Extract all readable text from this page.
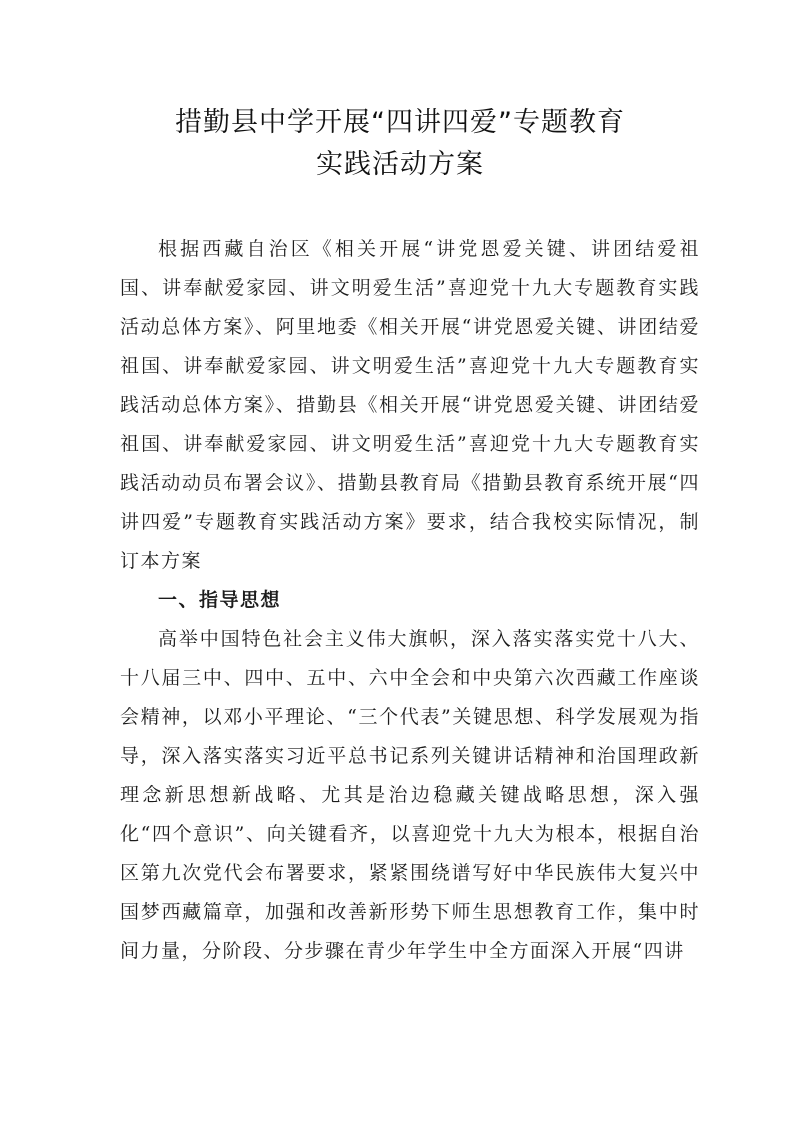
措勤县中学开展“四讲四爱”专题教育
实践活动方案

根据西藏自治区《相关开展“讲党恩爱关键、讲团结爱祖国、讲奉献爱家园、讲文明爱生活”喜迎党十九大专题教育实践 活动总体方案》、阿里地委《相关开展“讲党恩爱关键、讲团结爱祖国、讲奉献爱家园、讲文明爱生活”喜迎党十九大专题教育实践活动总体方案》、措勤县《相关开展“讲党恩爱关键、讲团结爱祖国、讲奉献爱家园、讲文明爱生活”喜迎党十九大专题教育实践活动动员布署会议》、措勤县教育局《措勤县教育系统开展“四讲四爱”专题教育实践活动方案》要求，结合我校实际情况，制订本方案

一、指导思想

高举中国特色社会主义伟大旗帜，深入落实落实党十八大、十八届三中、四中、五中、六中全会和中央第六次西藏工作座谈会精神，以邓小平理论、“三个代表”关键思想、科学发展观为指导，深入落实落实习近平总书记系列关键讲话精神和治国理政新理念新思想新战略、尤其是治边稳藏关键战略思想，深入强化“四个意识”、向关键看齐，以喜迎党十九大为根本，根据自治区第九次党代会布署要求，紧紧围绕谱写好中华民族伟大复兴中国梦西藏篇章，加强和改善新形势下师生思想教育工作，集中时间力量，分阶段、分步骤在青少年学生中全方面深入开展“四讲
